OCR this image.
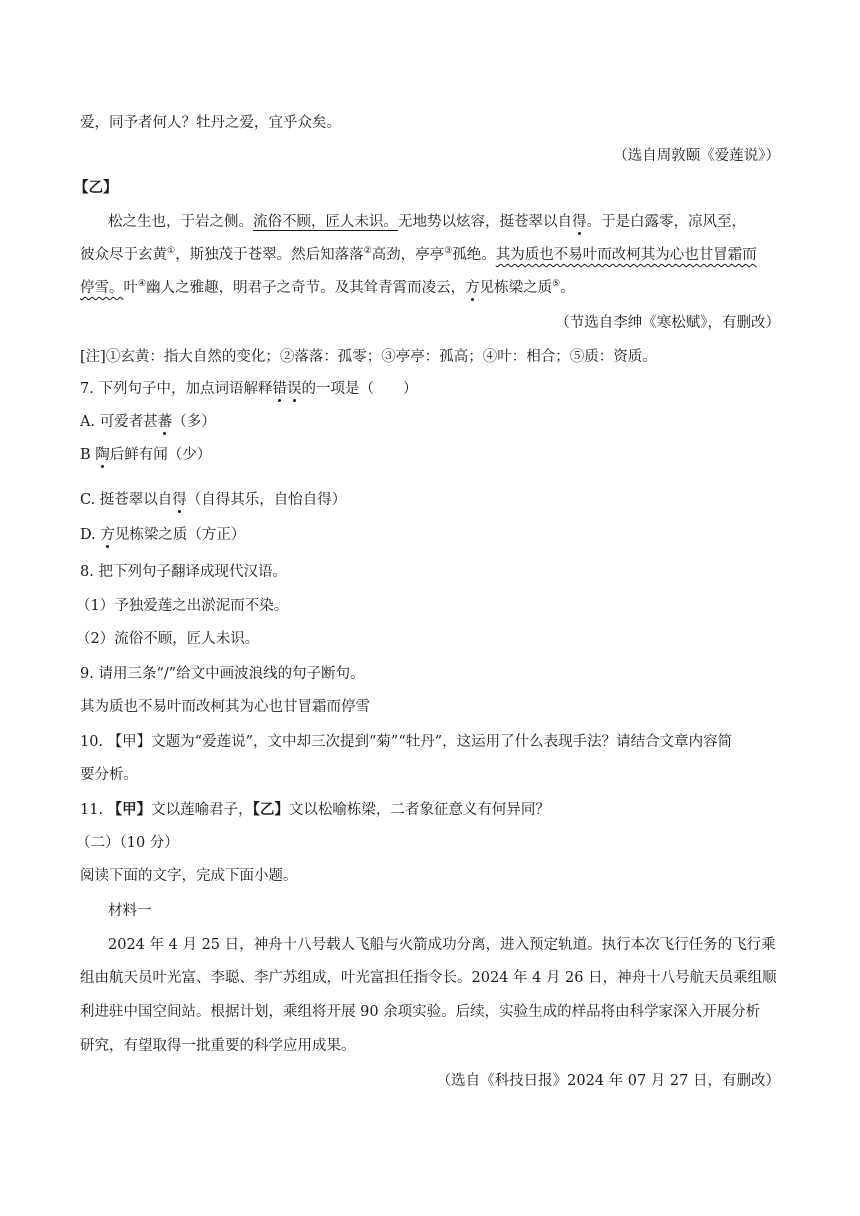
爱，同予者何人？牡丹之爱，宜乎众矣。
（选自周敦颐《爱莲说》）
【乙】
松之生也，于岩之侧。流俗不顾，匠人未识。无地势以炫容，挺苍翠以自得。于是白露零，凉风至，
彼众尽于玄黄①，斯独茂于苍翠。然后知落落②高劲，亭亭③孤绝。其为质也不易叶而改柯其为心也甘冒霜而
停雪。叶④幽人之雅趣，明君子之奇节。及其耸青霄而凌云，方见栋梁之质⑤。
（节选自李绅《寒松赋》，有删改）
[注]①玄黄：指大自然的变化；②落落：孤零；③亭亭：孤高；④叶：相合；⑤质：资质。
7. 下列句子中，加点词语解释错误的一项是（　　）
A. 可爱者甚蕃（多）
B 陶后鲜有闻（少）
C. 挺苍翠以自得（自得其乐，自怡自得）
D. 方见栋梁之质（方正）
8. 把下列句子翻译成现代汉语。
（1）予独爱莲之出淤泥而不染。
（2）流俗不顾，匠人未识。
9. 请用三条“/”给文中画波浪线的句子断句。
其为质也不易叶而改柯其为心也甘冒霜而停雪
10. 【甲】文题为“爱莲说”，文中却三次提到“菊”“牡丹”，这运用了什么表现手法？请结合文章内容简
要分析。
11. 【甲】文以莲喻君子，【乙】文以松喻栋梁，二者象征意义有何异同？
（二）（10 分）
阅读下面的文字，完成下面小题。
材料一
2024 年 4 月 25 日，神舟十八号载人飞船与火箭成功分离，进入预定轨道。执行本次飞行任务的飞行乘
组由航天员叶光富、李聪、李广苏组成，叶光富担任指令长。2024 年 4 月 26 日，神舟十八号航天员乘组顺
利进驻中国空间站。根据计划，乘组将开展 90 余项实验。后续，实验生成的样品将由科学家深入开展分析
研究，有望取得一批重要的科学应用成果。
（选自《科技日报》2024 年 07 月 27 日，有删改）
